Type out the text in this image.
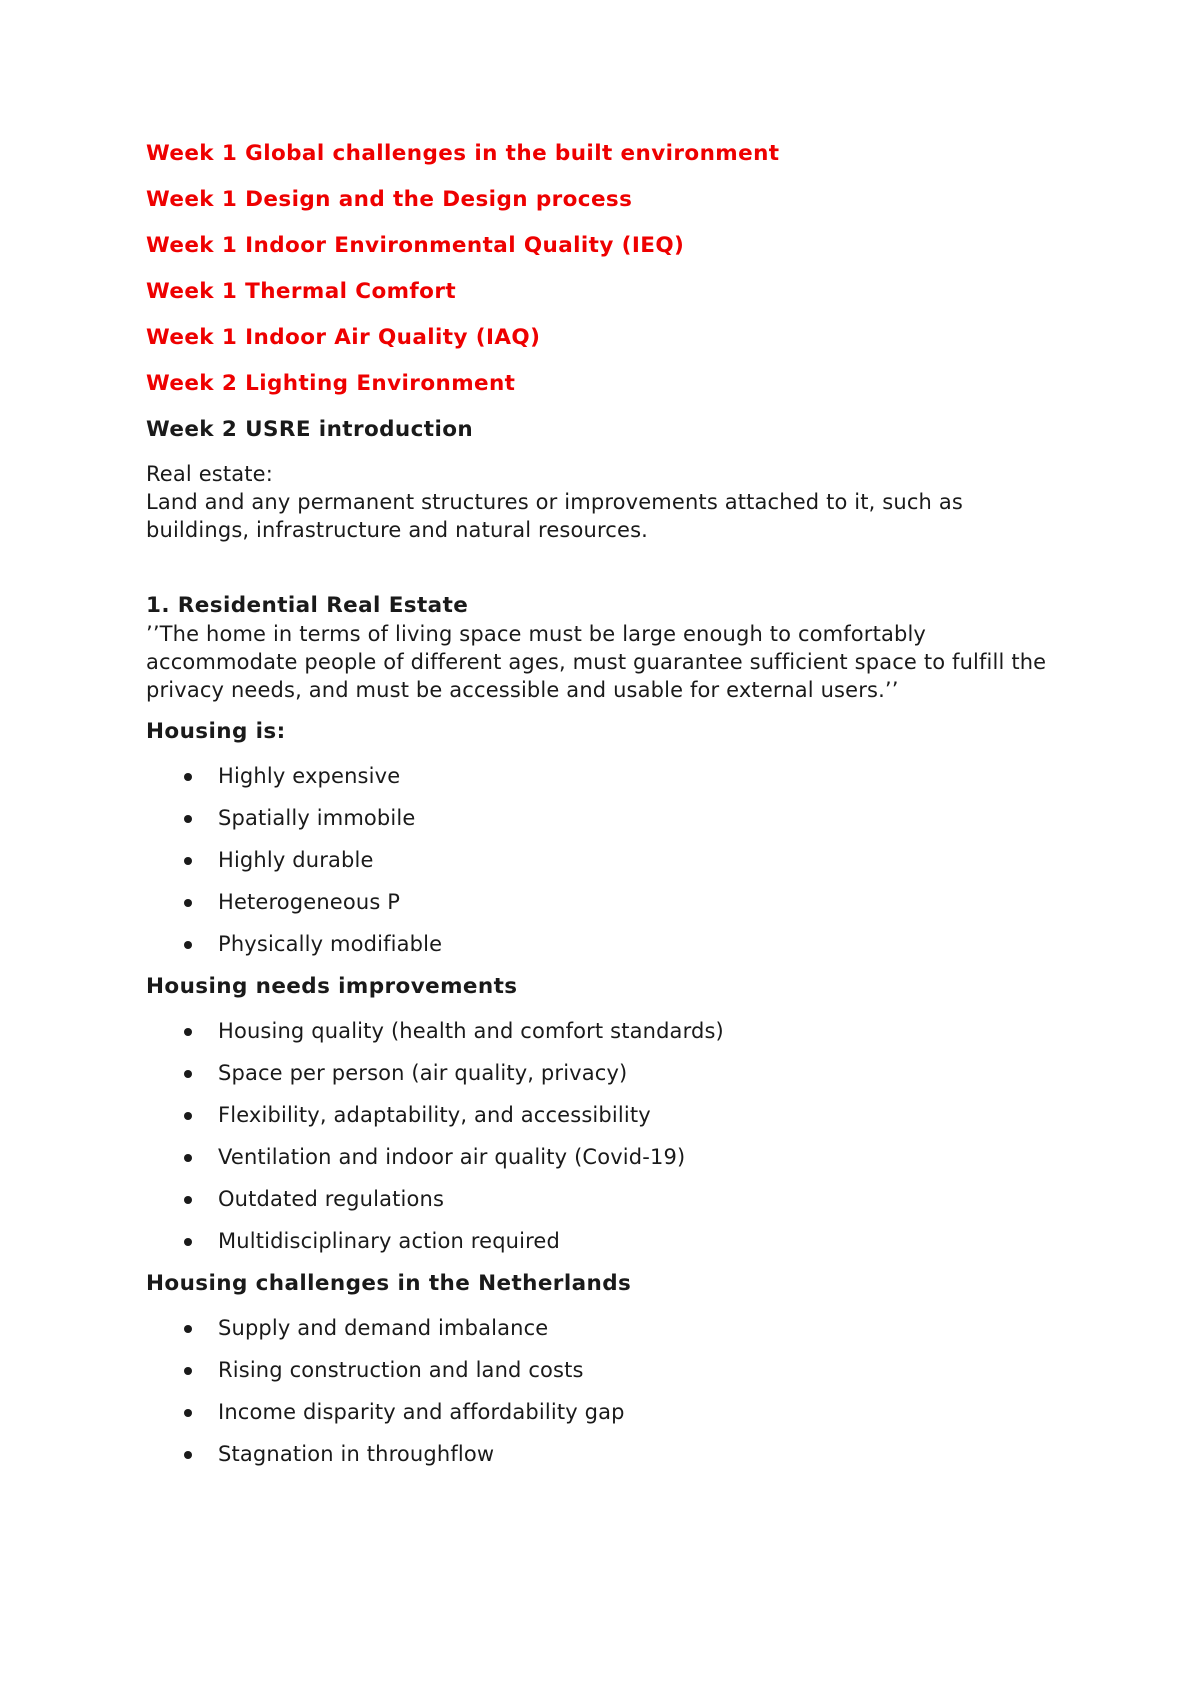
Week 1 Global challenges in the built environment

Week 1 Design and the Design process

Week 1 Indoor Environmental Quality (IEQ)

Week 1 Thermal Comfort

Week 1 Indoor Air Quality (IAQ)

Week 2 Lighting Environment

Week 2 USRE introduction

Real estate:

Land and any permanent structures or improvements attached to it, such as buildings, infrastructure and natural resources.

1. Residential Real Estate

’’The home in terms of living space must be large enough to comfortably accommodate people of different ages, must guarantee sufficient space to fulfill the privacy needs, and must be accessible and usable for external users.’’

Housing is:

Highly expensive
Spatially immobile
Highly durable
Heterogeneous P
Physically modifiable

Housing needs improvements

Housing quality (health and comfort standards)
Space per person (air quality, privacy)
Flexibility, adaptability, and accessibility
Ventilation and indoor air quality (Covid-19)
Outdated regulations
Multidisciplinary action required

Housing challenges in the Netherlands

Supply and demand imbalance
Rising construction and land costs
Income disparity and affordability gap
Stagnation in throughflow
